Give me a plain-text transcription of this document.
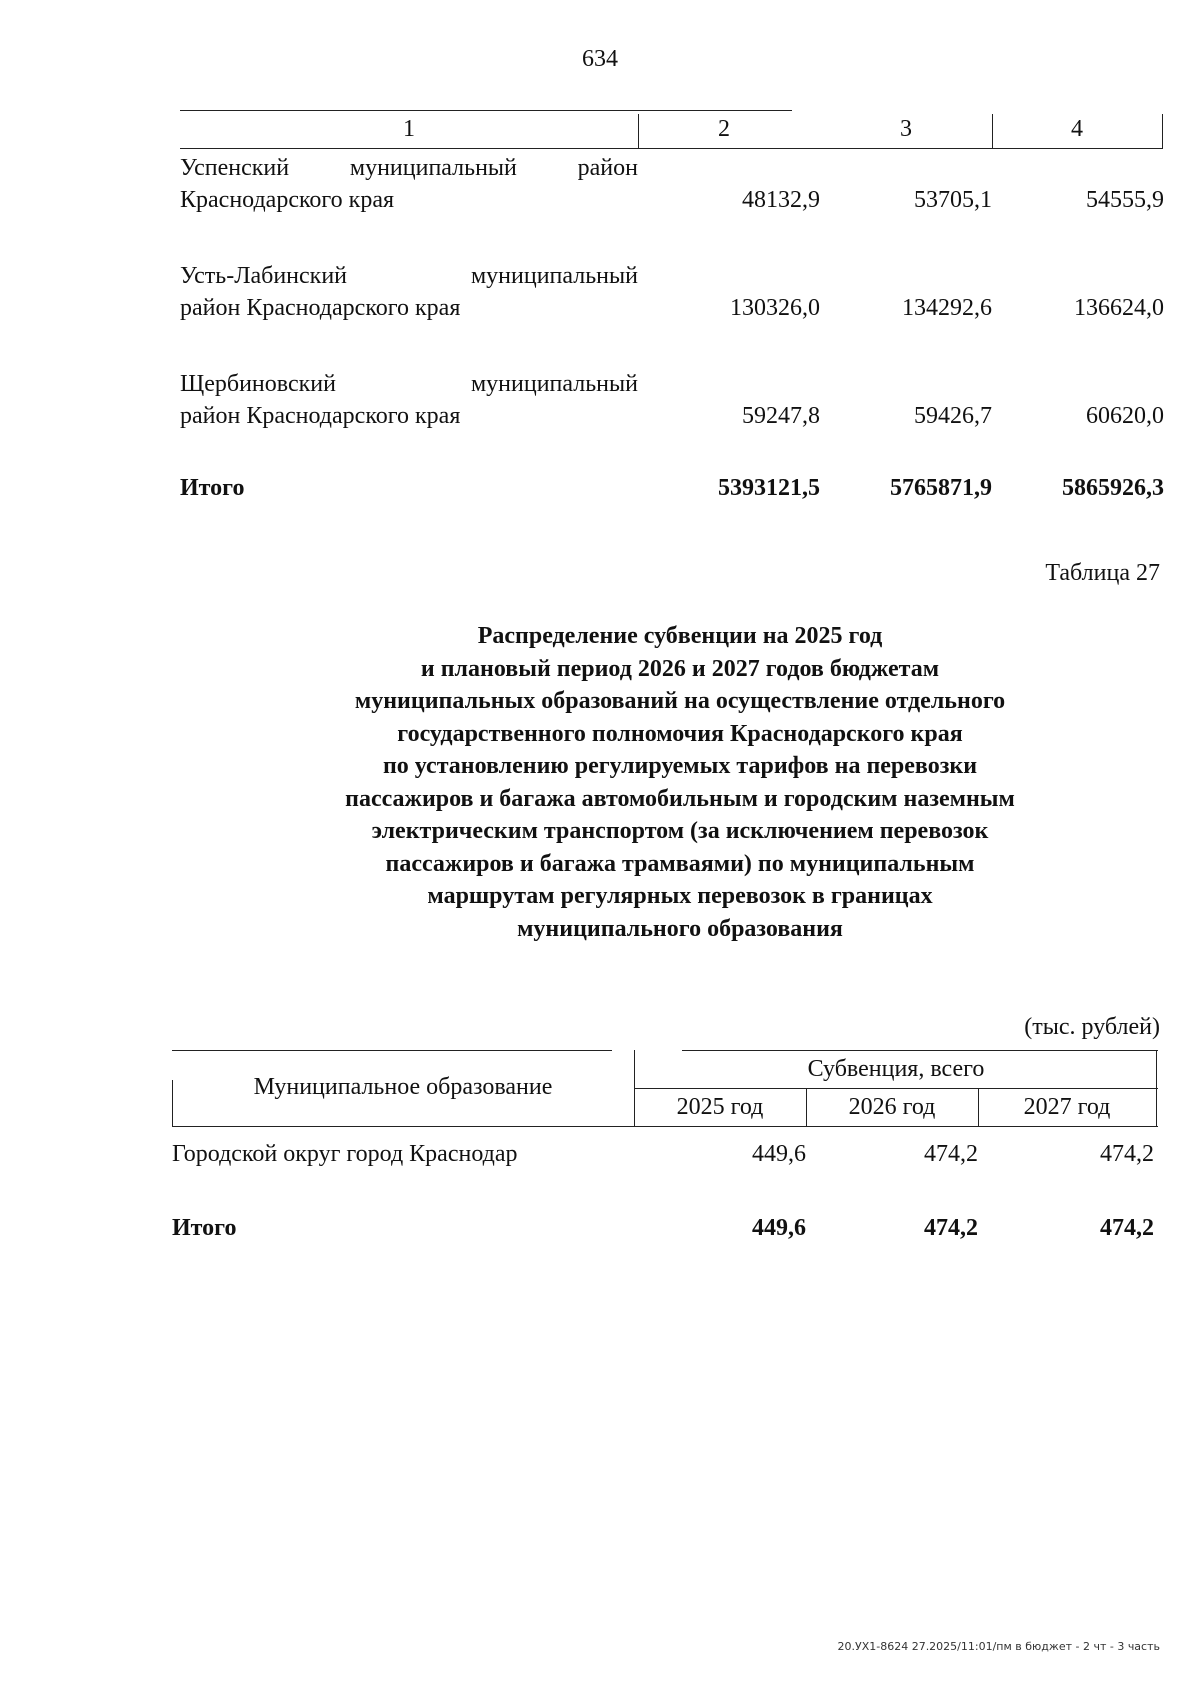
634
1	2	3	4
Успенский муниципальный район
Краснодарского края	48132,9	53705,1	54555,9
Усть-Лабинский муниципальный
район Краснодарского края	130326,0	134292,6	136624,0
Щербиновский муниципальный
район Краснодарского края	59247,8	59426,7	60620,0
Итого	5393121,5	5765871,9	5865926,3
Таблица 27
Распределение субвенции на 2025 год
и плановый период 2026 и 2027 годов бюджетам
муниципальных образований на осуществление отдельного
государственного полномочия Краснодарского края
по установлению регулируемых тарифов на перевозки
пассажиров и багажа автомобильным и городским наземным
электрическим транспортом (за исключением перевозок
пассажиров и багажа трамваями) по муниципальным
маршрутам регулярных перевозок в границах
муниципального образования
(тыс. рублей)
Муниципальное образование
Субвенция, всего
2025 год	2026 год	2027 год
Городской округ город Краснодар	449,6	474,2	474,2
Итого	449,6	474,2	474,2
20.УХ1-8624 27.2025/11:01/пм в бюджет - 2 чт - 3 часть
